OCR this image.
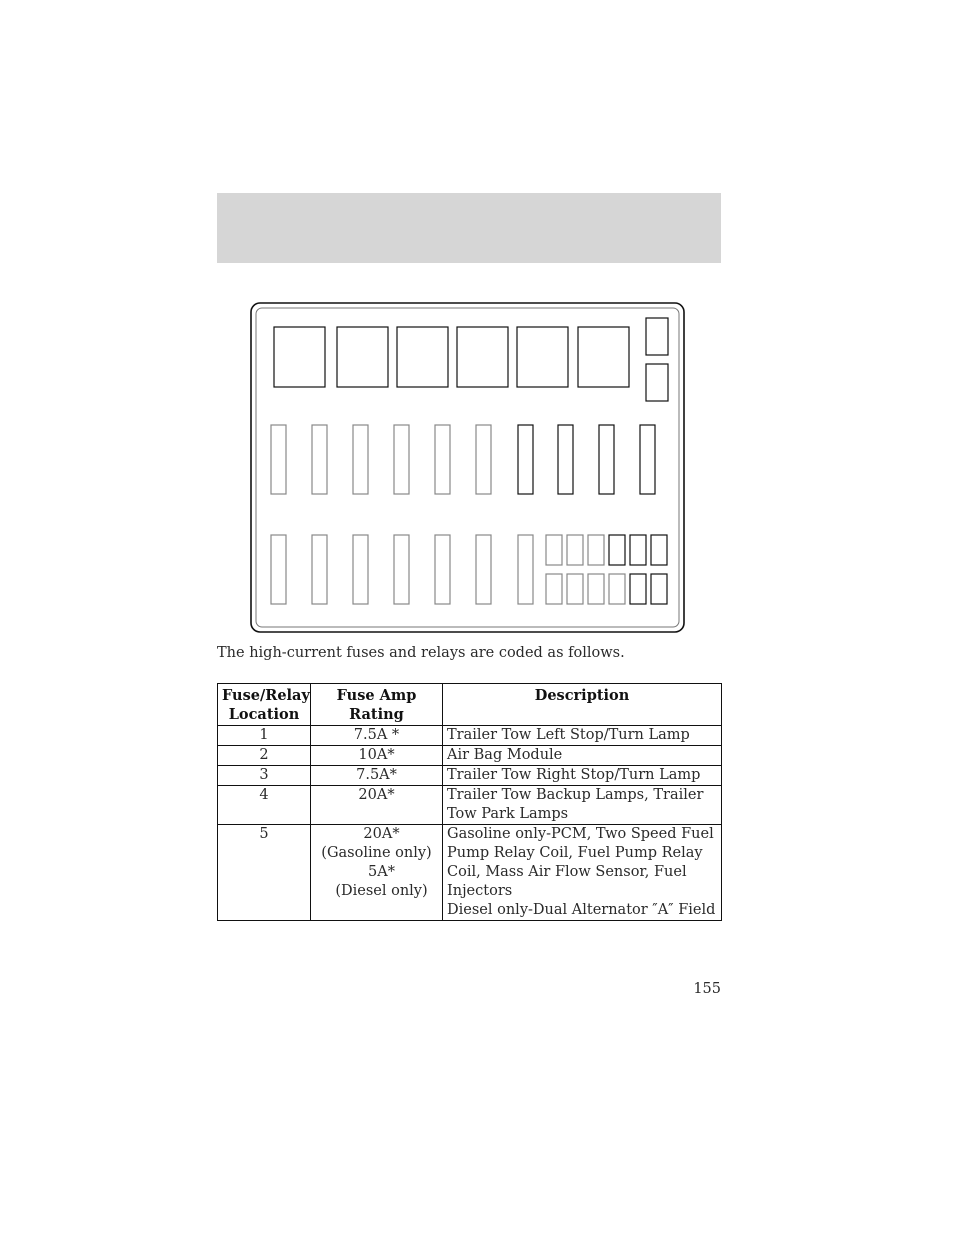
The high-current fuses and relays are coded as follows.
Fuse/Relay
Location	Fuse Amp
Rating	Description

1	7.5A *	Trailer Tow Left Stop/Turn Lamp

2	10A*	Air Bag Module

3	7.5A*	Trailer Tow Right Stop/Turn Lamp

4	20A*	Trailer Tow Backup Lamps, Trailer
Tow Park Lamps

5	20A*
(Gasoline only)
5A*
(Diesel only)	Gasoline only-PCM, Two Speed Fuel
Pump Relay Coil, Fuel Pump Relay
Coil, Mass Air Flow Sensor, Fuel
Injectors
Diesel only-Dual Alternator ″A″ Field
155
